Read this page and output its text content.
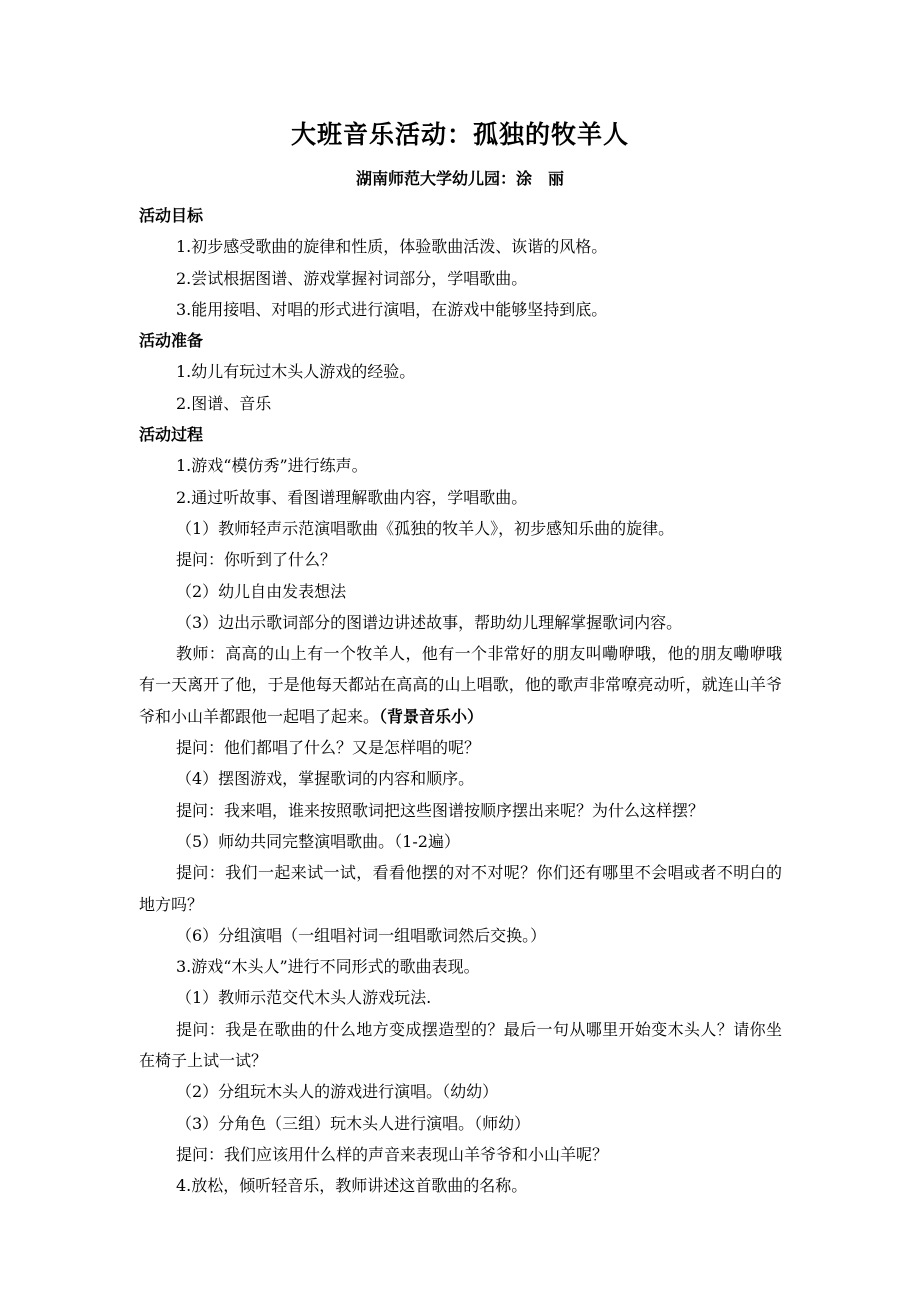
大班音乐活动：孤独的牧羊人
湖南师范大学幼儿园：涂　丽

活动目标

1.初步感受歌曲的旋律和性质，体验歌曲活泼、诙谐的风格。

2.尝试根据图谱、游戏掌握衬词部分，学唱歌曲。

3.能用接唱、对唱的形式进行演唱，在游戏中能够坚持到底。

活动准备

1.幼儿有玩过木头人游戏的经验。

2.图谱、音乐

活动过程

1.游戏“模仿秀”进行练声。

2.通过听故事、看图谱理解歌曲内容，学唱歌曲。

（1）教师轻声示范演唱歌曲《孤独的牧羊人》，初步感知乐曲的旋律。

提问：你听到了什么？

（2）幼儿自由发表想法

（3）边出示歌词部分的图谱边讲述故事，帮助幼儿理解掌握歌词内容。

教师：高高的山上有一个牧羊人，他有一个非常好的朋友叫嘞咿哦，他的朋友嘞咿哦有一天离开了他，于是他每天都站在高高的山上唱歌，他的歌声非常嘹亮动听，就连山羊爷爷和小山羊都跟他一起唱了起来。（背景音乐小）

提问：他们都唱了什么？又是怎样唱的呢？

（4）摆图游戏，掌握歌词的内容和顺序。

提问：我来唱，谁来按照歌词把这些图谱按顺序摆出来呢？为什么这样摆？

（5）师幼共同完整演唱歌曲。（1-2遍）

提问：我们一起来试一试，看看他摆的对不对呢？你们还有哪里不会唱或者不明白的地方吗？

（6）分组演唱（一组唱衬词一组唱歌词然后交换。）

3.游戏“木头人”进行不同形式的歌曲表现。

（1）教师示范交代木头人游戏玩法.

提问：我是在歌曲的什么地方变成摆造型的？最后一句从哪里开始变木头人？请你坐在椅子上试一试？

（2）分组玩木头人的游戏进行演唱。（幼幼）

（3）分角色（三组）玩木头人进行演唱。（师幼）

提问：我们应该用什么样的声音来表现山羊爷爷和小山羊呢？

4.放松，倾听轻音乐，教师讲述这首歌曲的名称。
